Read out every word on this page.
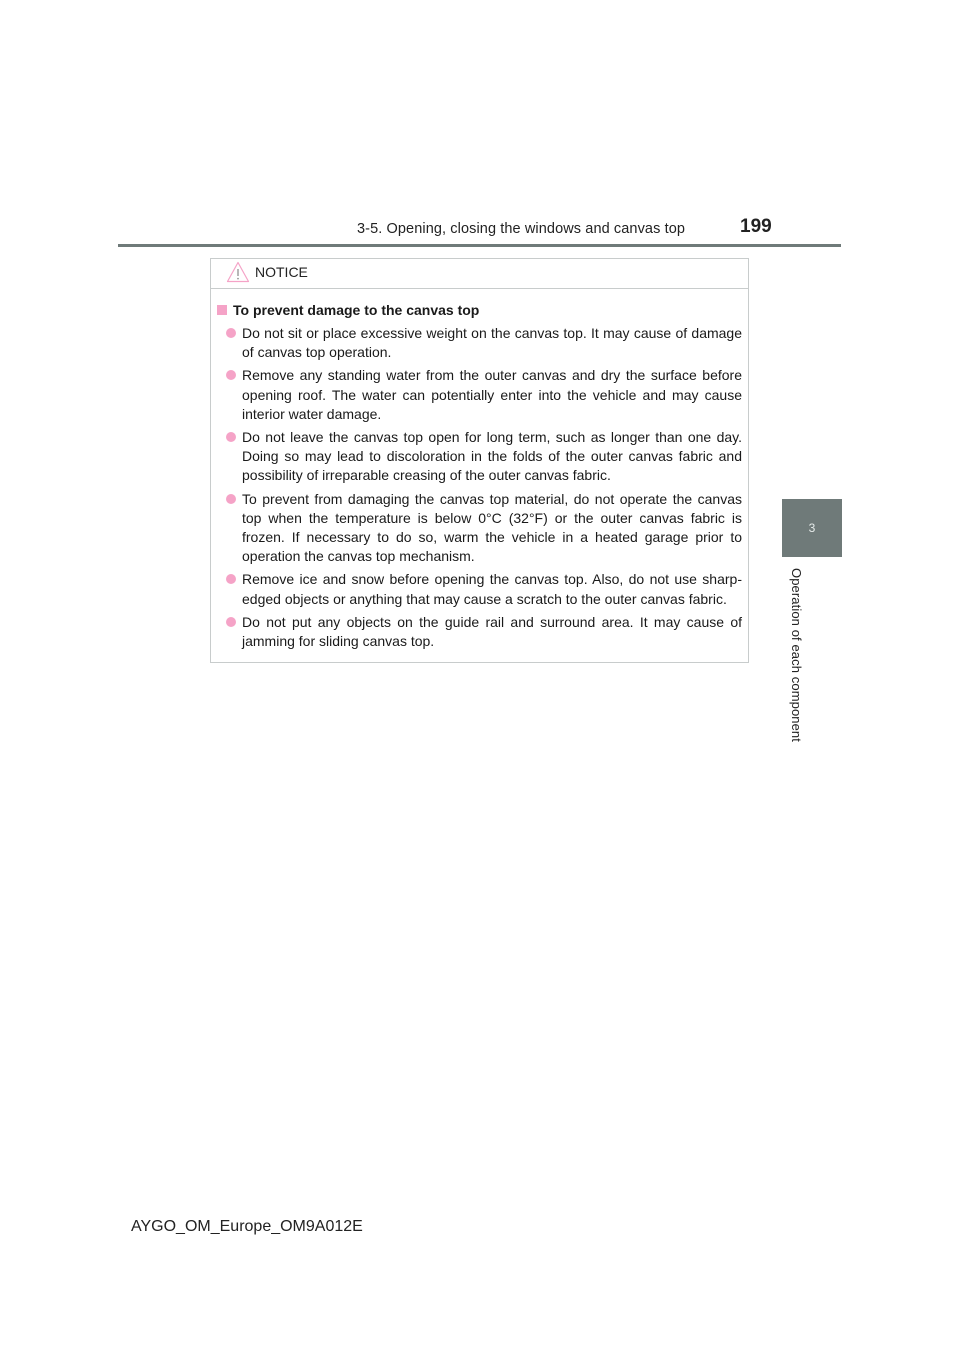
3-5. Opening, closing the windows and canvas top	199
3
Operation of each component
NOTICE
To prevent damage to the canvas top
Do not sit or place excessive weight on the canvas top. It may cause of damage of canvas top operation.
Remove any standing water from the outer canvas and dry the surface before opening roof. The water can potentially enter into the vehicle and may cause interior water damage.
Do not leave the canvas top open for long term, such as longer than one day. Doing so may lead to discoloration in the folds of the outer canvas fabric and possibility of irreparable creasing of the outer canvas fabric.
To prevent from damaging the canvas top material, do not operate the canvas top when the temperature is below 0°C (32°F) or the outer canvas fabric is frozen. If necessary to do so, warm the vehicle in a heated garage prior to operation the canvas top mechanism.
Remove ice and snow before opening the canvas top. Also, do not use sharp-edged objects or anything that may cause a scratch to the outer canvas fabric.
Do not put any objects on the guide rail and surround area. It may cause of jamming for sliding canvas top.
AYGO_OM_Europe_OM9A012E
